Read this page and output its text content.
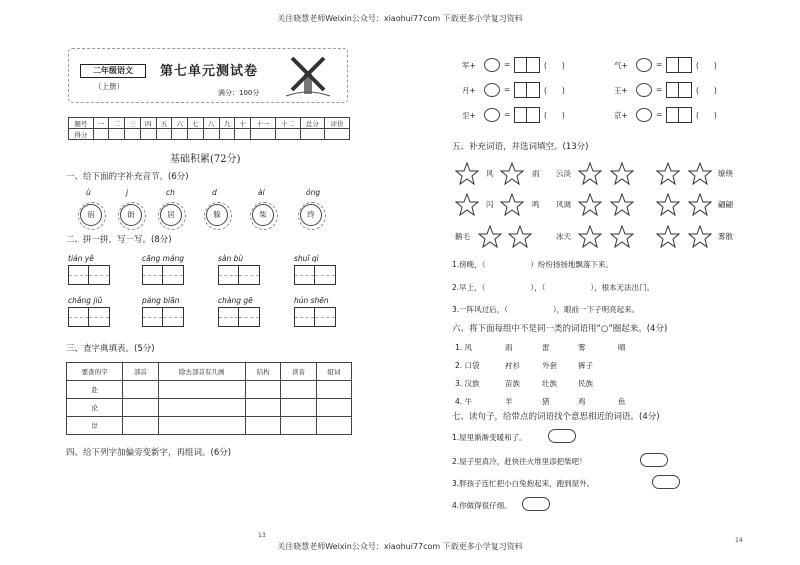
关注晓慧老师Weixin公众号：xiaohui77com 下载更多小学复习资料
关注晓慧老师Weixin公众号：xiaohui77com 下载更多小学复习资料
13
14
二年级语文
（上册）
第七单元测试卷
满分：100分
题号	一	二	三	四	五	六	七	八	九	十	十一	十二	总分	评价
得分														
基础积累(72分)
一、给下面的字补充音节。(6分)
二、拼一拼，写一写。(8分)
三、查字典填表。(5分)
要查的字	部首	除去部首有几画	结构	读音	组词
赴					
论					
岸					
四、给下列字加偏旁变新字，再组词。(6分)
五、补充词语，并选词填空。(13分)
六、将下面每组中不是同一类的词语用“○”圈起来。(4分)
七、读句子，给带点的词语找个意思相近的词语。(4分)
ù
宿
j
街
ch
居
d
躲
ài
柴
óng
终
tián yě	cāng máng	sàn bù	shuǐ qì
chǎng jiǔ	páng biān	chàng gē	hún shēn
军+	=	(　　)	气+	=	(　　)
月+	=	(　　)	王+	=	(　　)
至+	=	(　　)	京+	=	(　　)
风	雨 云淡	缭绕
闪	鸣 风调	翩翩
鹅毛	冰天	雾散
1.傍晚，（　　　　　　）纷纷扬扬地飘落下来。
2.早上，（　　　　　　），（　　　　　　），根本无法出门。
3.一阵风过后，（　　　　　　），眼前一下子明亮起来。
1. 风	雨	雷	雾	晴
2. 口袋	衬衫	外套	裤子
3. 汉族	苗族	壮族	民族
4. 牛	羊	猪	鸡	鱼
1.屋里渐渐变暖和了。
2.屋子里真冷，赶快往火堆里添把柴吧！
3.胖孩子连忙把小白兔抱起来，跑到屋外。
4.你做得很仔细。
